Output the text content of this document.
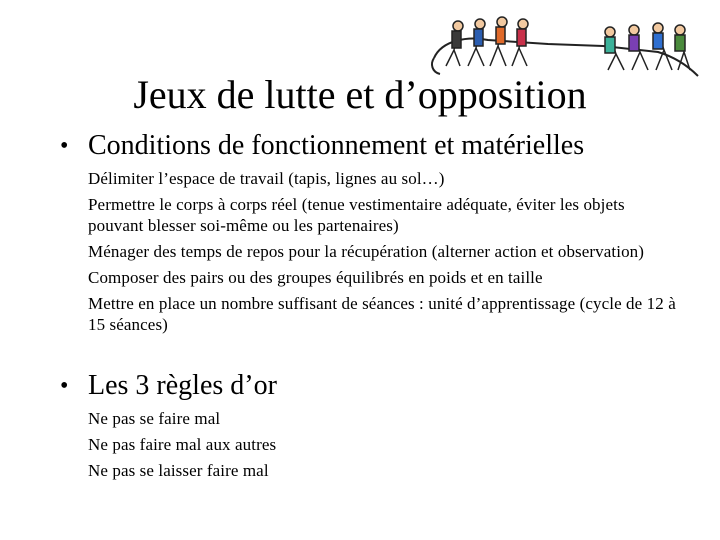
Jeux de lutte et d’opposition
• Conditions de fonctionnement et matérielles
Délimiter l’espace de travail (tapis, lignes au sol…)
Permettre le corps à corps réel (tenue vestimentaire adéquate, éviter les objets pouvant blesser soi-même ou les partenaires)
Ménager des temps de repos pour la récupération (alterner action et observation)
Composer des pairs ou des groupes équilibrés en poids et en taille
Mettre en place un nombre suffisant de séances : unité d’apprentissage (cycle de 12 à 15 séances)
• Les 3 règles d’or
Ne pas se faire mal
Ne pas faire mal aux autres
Ne pas se laisser faire mal
